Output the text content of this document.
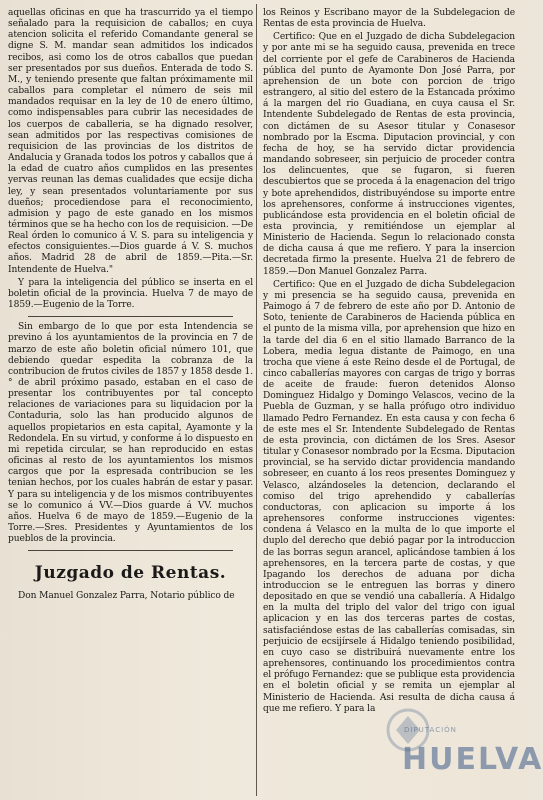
aquellas oficinas en que ha trascurrido ya el tiempo señalado para la requisicion de caballos; en cuya atencion solicita el referido Comandante general se digne S. M. mandar sean admitidos los indicados recibos, asi como los de otros caballos que puedan ser presentados por sus dueños. Enterada de todo S. M., y teniendo presente que faltan próximamente mil caballos para completar el número de seis mil mandados requisar en la ley de 10 de enero último, como indispensables para cubrir las necesidades de los cuerpos de caballeria, se ha dignado resolver, sean admitidos por las respectivas comisiones de requisicion de las provincias de los distritos de Andalucia y Granada todos los potros y caballos que á la edad de cuatro años cumplidos en las presentes yervas reunan las demas cualidades que ecsije dicha ley, y sean presentados voluntariamente por sus dueños; procediendose para el reconocimiento, admision y pago de este ganado en los mismos términos que se ha hecho con los de requisicion. —De Real órden lo comunico á V. S. para su inteligencia y efectos consiguientes.—Dios guarde á V. S. muchos años. Madrid 28 de abril de 1859.—Pita.—Sr. Intendente de Huelva."

Y para la inteligencia del público se inserta en el boletin oficial de la provincia. Huelva 7 de mayo de 1859.—Eugenio de la Torre.

Sin embargo de lo que por esta Intendencia se previno á los ayuntamientos de la provincia en 7 de marzo de este año boletin oficial número 101, que debiendo quedar espedita la cobranza de la contribucion de frutos civiles de 1857 y 1858 desde 1.° de abril próximo pasado, estaban en el caso de presentar los contribuyentes por tal concepto relaciones de variaciones para su liquidacion por la Contaduria, solo las han producido algunos de aquellos propietarios en esta capital, Ayamonte y la Redondela. En su virtud, y conforme á lo dispuesto en mi repetida circular, se han reproducido en estas oficinas al resto de los ayuntamientos los mismos cargos que por la espresada contribucion se les tenian hechos, por los cuales habrán de estar y pasar. Y para su inteligencia y de los mismos contribuyentes se lo comunico á VV.—Dios guarde á VV. muchos años. Huelva 6 de mayo de 1859.—Eugenio de la Torre.—Sres. Presidentes y Ayuntamientos de los pueblos de la provincia.

Juzgado de Rentas.

Don Manuel Gonzalez Parra, Notario público de

los Reinos y Escribano mayor de la Subdelegacion de Rentas de esta provincia de Huelva.

Certifico: Que en el Juzgado de dicha Subdelegacion y por ante mi se ha seguido causa, prevenida en trece del corriente por el gefe de Carabineros de Hacienda pública del punto de Ayamonte Don José Parra, por aprehension de un bote con porcion de trigo estrangero, al sitio del estero de la Estancada próximo á la margen del rio Guadiana, en cuya causa el Sr. Intendente Subdelegado de Rentas de esta provincia, con dictámen de su Asesor titular y Conasesor nombrado por la Escma. Diputacion provincial, y con fecha de hoy, se ha servido dictar providencia mandando sobreseer, sin perjuicio de proceder contra los delincuentes, que se fugaron, si fueren descubiertos que se proceda á la enagenacion del trigo y bote aprehendidos, distribuyéndose su importe entre los aprehensores, conforme á instrucciones vigentes, publicándose esta providencia en el boletin oficial de esta provincia, y remitiéndose un ejemplar al Ministerio de Hacienda. Segun lo relacionado consta de dicha causa á que me refiero. Y para la insercion decretada firmo la presente. Huelva 21 de febrero de 1859.—Don Manuel Gonzalez Parra.

Certifico: Que en el Juzgado de dicha Subdelegacion y mi presencia se ha seguido causa, prevenida en Paimogo á 7 de febrero de este año por D. Antonio de Soto, teniente de Carabineros de Hacienda pública en el punto de la misma villa, por aprehension que hizo en la tarde del dia 6 en el sitio llamado Barranco de la Lobera, media legua distante de Paimogo, en una trocha que viene á este Reino desde el de Portugal, de cinco caballerías mayores con cargas de trigo y borras de aceite de fraude: fueron detenidos Alonso Dominguez Hidalgo y Domingo Velascos, vecino de la Puebla de Guzman, y se halla prófugo otro individuo llamado Pedro Fernandez. En esta causa y con fecha 6 de este mes el Sr. Intendente Subdelegado de Rentas de esta provincia, con dictámen de los Sres. Asesor titular y Conasesor nombrado por la Ecsma. Diputacion provincial, se ha servido dictar providencia mandando sobreseer, en cuanto á los reos presentes Dominguez y Velasco, alzándoseles la detencion, declarando el comiso del trigo aprehendido y caballerías conductoras, con aplicacion su importe á los aprehensores conforme instrucciones vigentes: condena á Velasco en la multa de lo que importe el duplo del derecho que debió pagar por la introduccion de las borras segun arancel, aplicándose tambien á los aprehensores, en la tercera parte de costas, y que Ipagando los derechos de aduana por dicha introduccion se le entreguen las borras y dinero depositado en que se vendió una caballería. A Hidalgo en la multa del triplo del valor del trigo con igual aplicacion y en las dos terceras partes de costas, satisfaciéndose estas de las caballerías comisadas, sin perjuicio de ecsijírsele á Hidalgo teniendo posibilidad, en cuyo caso se distribuirá nuevamente entre los aprehensores, continuando los procedimientos contra el prófugo Fernandez: que se publique esta providencia en el boletin oficial y se remita un ejemplar al Ministerio de Hacienda. Asi resulta de dicha causa á que me refiero. Y para la

DIPUTACIÓN
HUELVA
